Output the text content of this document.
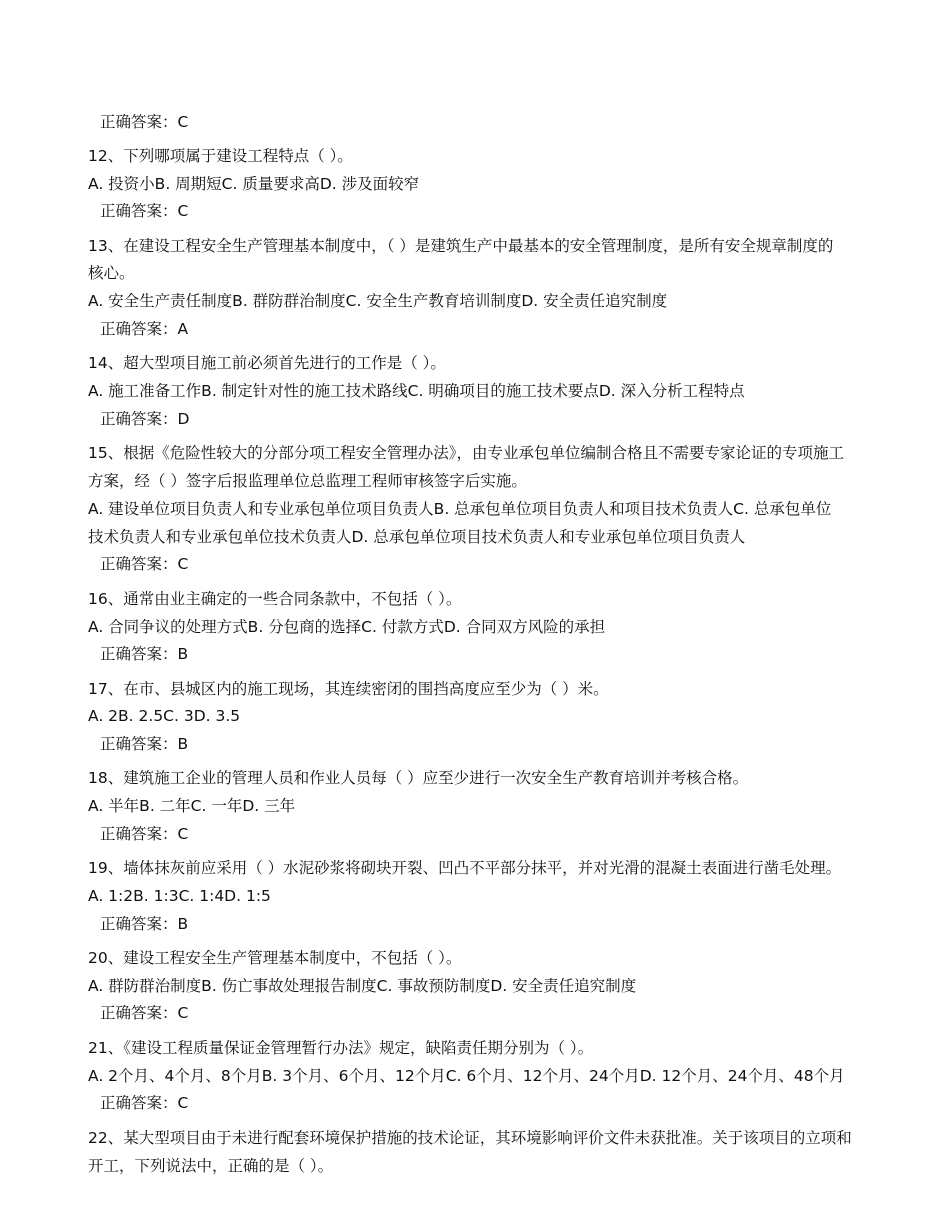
正确答案：C
12、下列哪项属于建设工程特点（ ）。
A. 投资小B. 周期短C. 质量要求高D. 涉及面较窄
正确答案：C
13、在建设工程安全生产管理基本制度中，（ ）是建筑生产中最基本的安全管理制度，是所有安全规章制度的
核心。
A. 安全生产责任制度B. 群防群治制度C. 安全生产教育培训制度D. 安全责任追究制度
正确答案：A
14、超大型项目施工前必须首先进行的工作是（ ）。
A. 施工准备工作B. 制定针对性的施工技术路线C. 明确项目的施工技术要点D. 深入分析工程特点
正确答案：D
15、根据《危险性较大的分部分项工程安全管理办法》，由专业承包单位编制合格且不需要专家论证的专项施工
方案，经（ ）签字后报监理单位总监理工程师审核签字后实施。
A. 建设单位项目负责人和专业承包单位项目负责人B. 总承包单位项目负责人和项目技术负责人C. 总承包单位
技术负责人和专业承包单位技术负责人D. 总承包单位项目技术负责人和专业承包单位项目负责人
正确答案：C
16、通常由业主确定的一些合同条款中，不包括（ ）。
A. 合同争议的处理方式B. 分包商的选择C. 付款方式D. 合同双方风险的承担
正确答案：B
17、在市、县城区内的施工现场，其连续密闭的围挡高度应至少为（ ）米。
A. 2B. 2.5C. 3D. 3.5
正确答案：B
18、建筑施工企业的管理人员和作业人员每（ ）应至少进行一次安全生产教育培训并考核合格。
A. 半年B. 二年C. 一年D. 三年
正确答案：C
19、墙体抹灰前应采用（ ）水泥砂浆将砌块开裂、凹凸不平部分抹平，并对光滑的混凝土表面进行凿毛处理。
A. 1:2B. 1:3C. 1:4D. 1:5
正确答案：B
20、建设工程安全生产管理基本制度中，不包括（ ）。
A. 群防群治制度B. 伤亡事故处理报告制度C. 事故预防制度D. 安全责任追究制度
正确答案：C
21、《建设工程质量保证金管理暂行办法》规定，缺陷责任期分别为（ ）。
A. 2个月、4个月、8个月B. 3个月、6个月、12个月C. 6个月、12个月、24个月D. 12个月、24个月、48个月
正确答案：C
22、某大型项目由于未进行配套环境保护措施的技术论证，其环境影响评价文件未获批准。关于该项目的立项和
开工，下列说法中，正确的是（ ）。
